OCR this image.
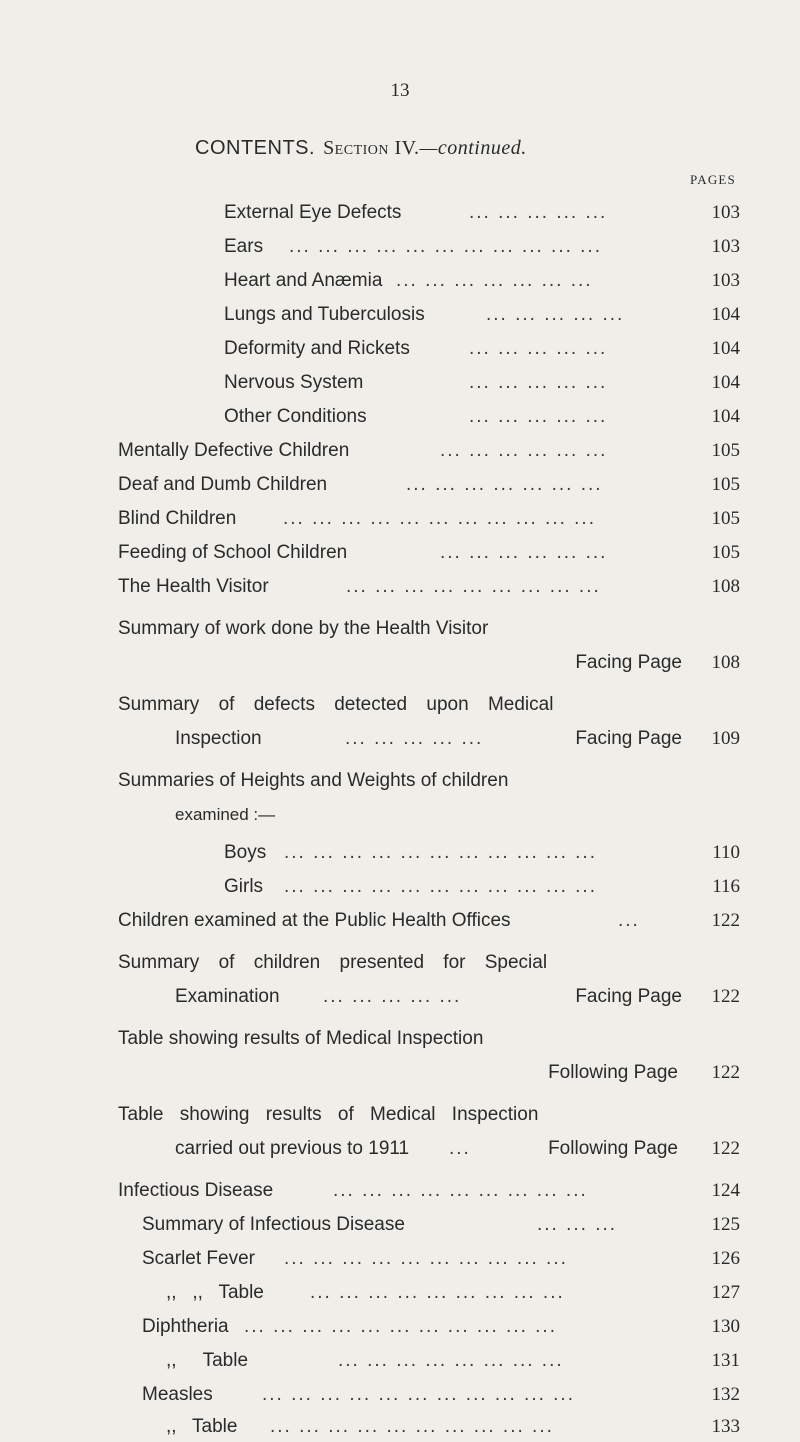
13
CONTENTS. Section IV.—continued.
PAGES
External Eye Defects	... ... ... ... ...	103
Ears ... ... ... ... ... ... ... ... ... ... ...	103
Heart and Anæmia ... ... ... ... ... ... ...	103
Lungs and Tuberculosis	... ... ... ... ...	104
Deformity and Rickets	... ... ... ... ...	104
Nervous System	... ... ... ... ...	104
Other Conditions	... ... ... ... ...	104
Mentally Defective Children	... ... ... ... ... ...	105
Deaf and Dumb Children	... ... ... ... ... ... ...	105
Blind Children ... ... ... ... ... ... ... ... ... ... ...	105
Feeding of School Children	... ... ... ... ... ...	105
The Health Visitor	... ... ... ... ... ... ... ... ...	108
Summary of work done by the Health Visitor
Facing Page	108
Summary of defects detected upon Medical
Inspection	... ... ... ... ...	Facing Page	109
Summaries of Heights and Weights of children
examined :—
Boys ... ... ... ... ... ... ... ... ... ... ...	110
Girls ... ... ... ... ... ... ... ... ... ... ...	116
Children examined at the Public Health Offices	...	122
Summary of children presented for Special
Examination ... ... ... ... ...	Facing Page	122
Table showing results of Medical Inspection
Following Page	122
Table showing results of Medical Inspection
carried out previous to 1911 ...	Following Page	122
Infectious Disease	... ... ... ... ... ... ... ... ...	124
Summary of Infectious Disease	... ... ...	125
Scarlet Fever ... ... ... ... ... ... ... ... ... ...	126
,,   ,,   Table ... ... ... ... ... ... ... ... ...	127
Diphtheria ... ... ... ... ... ... ... ... ... ... ...	130
,,     Table	... ... ... ... ... ... ... ...	131
Measles	... ... ... ... ... ... ... ... ... ... ...	132
,,   Table ... ... ... ... ... ... ... ... ... ...	133
